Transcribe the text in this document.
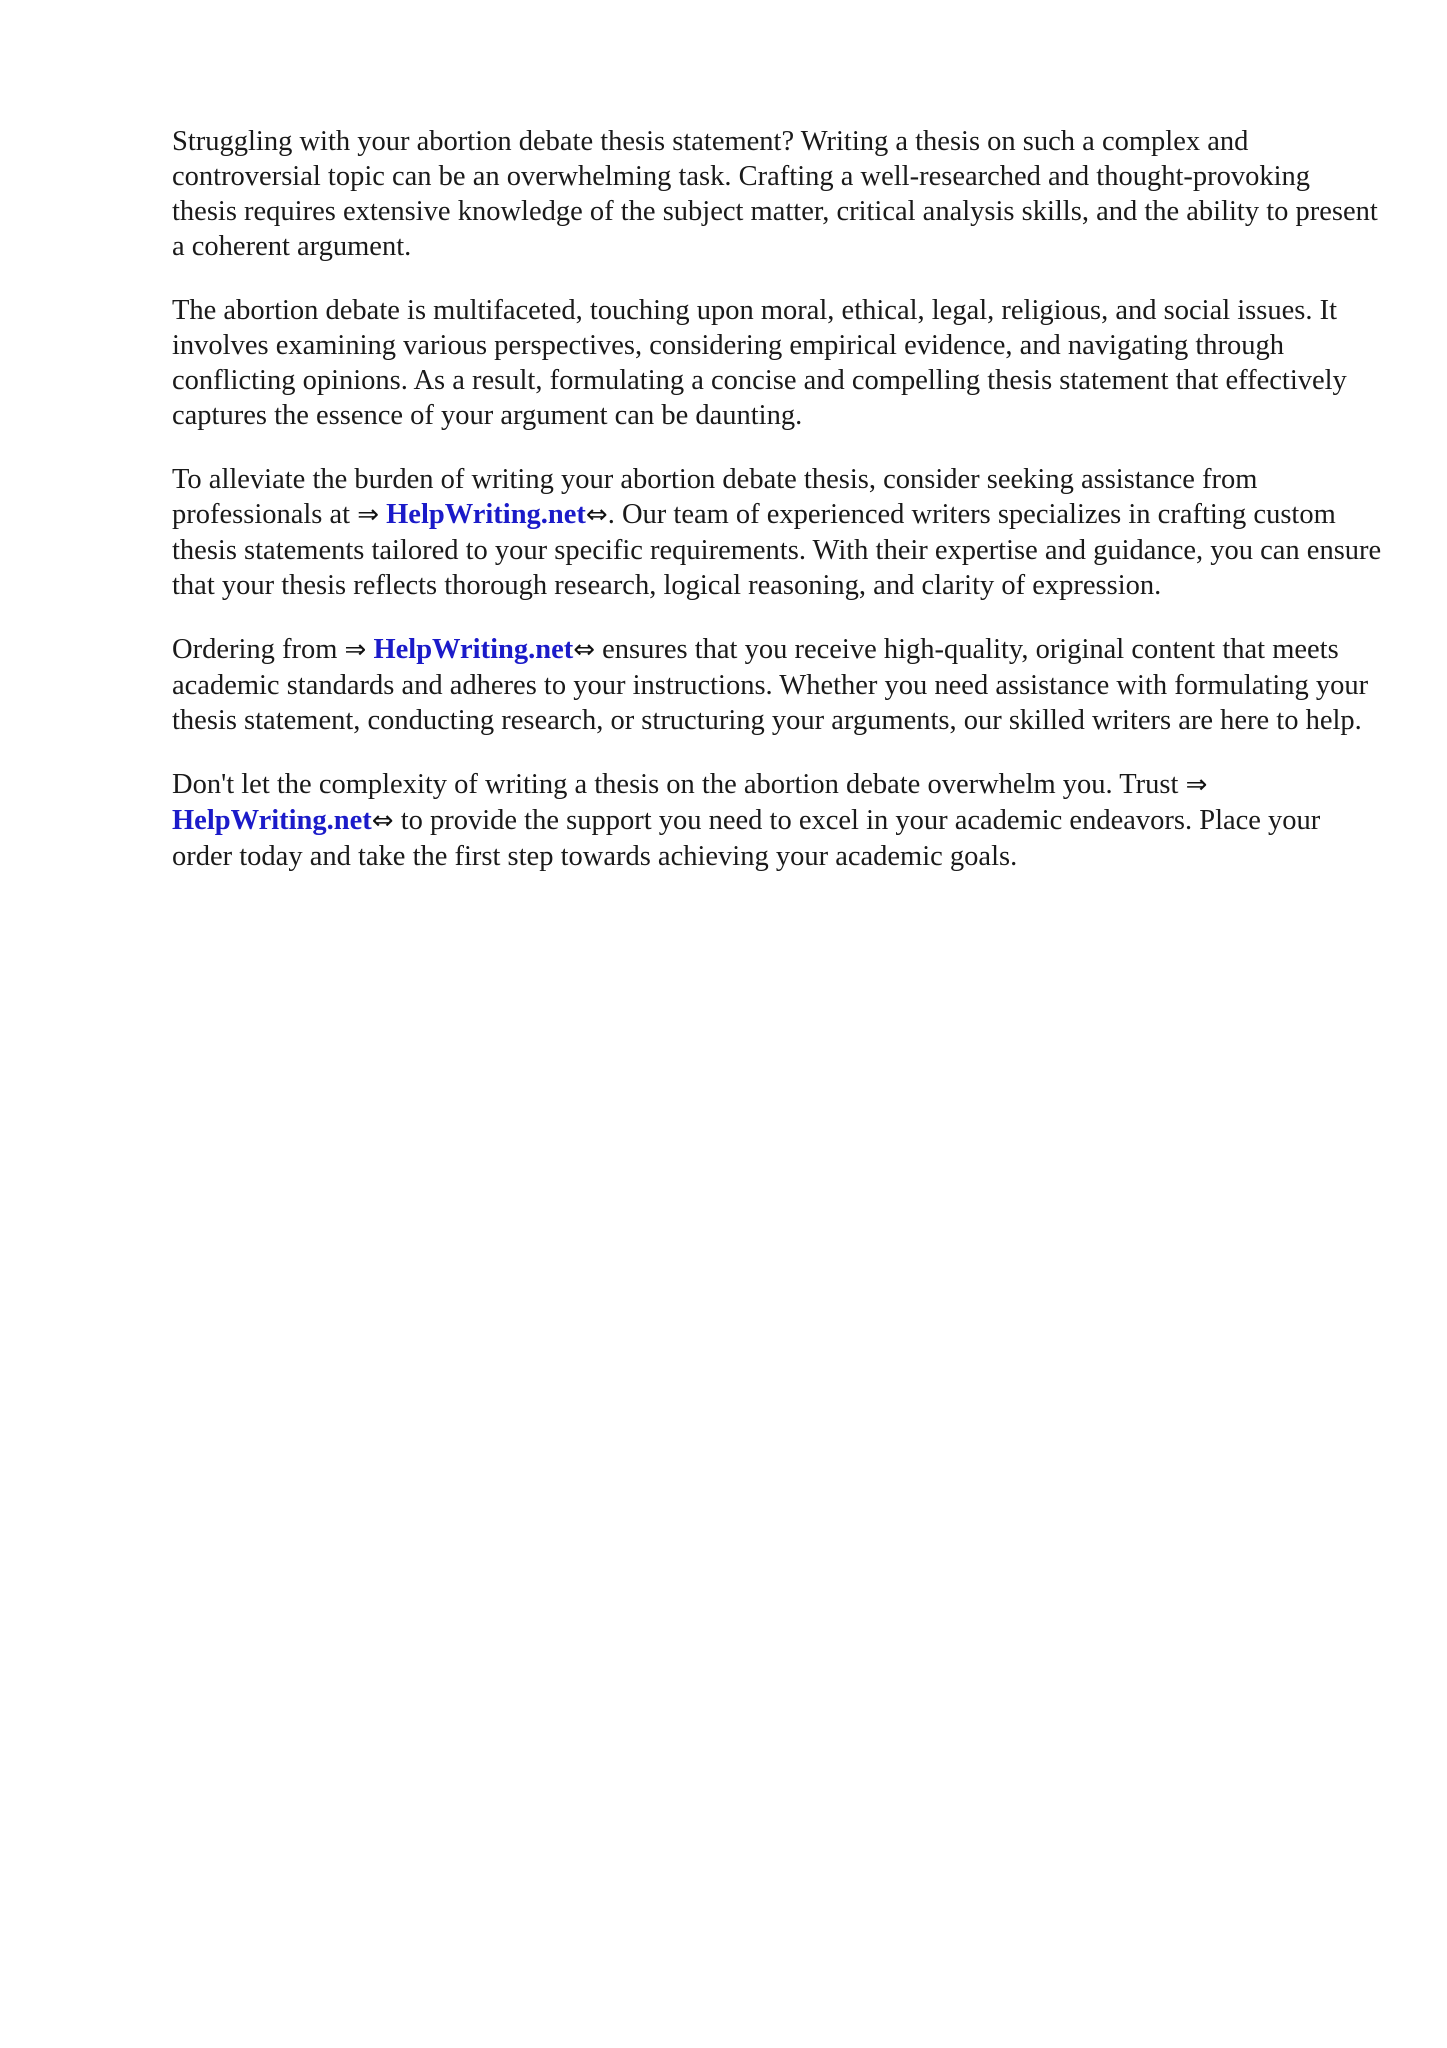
Struggling with your abortion debate thesis statement? Writing a thesis on such a complex and controversial topic can be an overwhelming task. Crafting a well-researched and thought-provoking thesis requires extensive knowledge of the subject matter, critical analysis skills, and the ability to present a coherent argument.

The abortion debate is multifaceted, touching upon moral, ethical, legal, religious, and social issues. It involves examining various perspectives, considering empirical evidence, and navigating through conflicting opinions. As a result, formulating a concise and compelling thesis statement that effectively captures the essence of your argument can be daunting.

To alleviate the burden of writing your abortion debate thesis, consider seeking assistance from professionals at ⇒ HelpWriting.net⇔. Our team of experienced writers specializes in crafting custom thesis statements tailored to your specific requirements. With their expertise and guidance, you can ensure that your thesis reflects thorough research, logical reasoning, and clarity of expression.

Ordering from ⇒ HelpWriting.net⇔ ensures that you receive high-quality, original content that meets academic standards and adheres to your instructions. Whether you need assistance with formulating your thesis statement, conducting research, or structuring your arguments, our skilled writers are here to help.

Don't let the complexity of writing a thesis on the abortion debate overwhelm you. Trust ⇒ HelpWriting.net⇔ to provide the support you need to excel in your academic endeavors. Place your order today and take the first step towards achieving your academic goals.
